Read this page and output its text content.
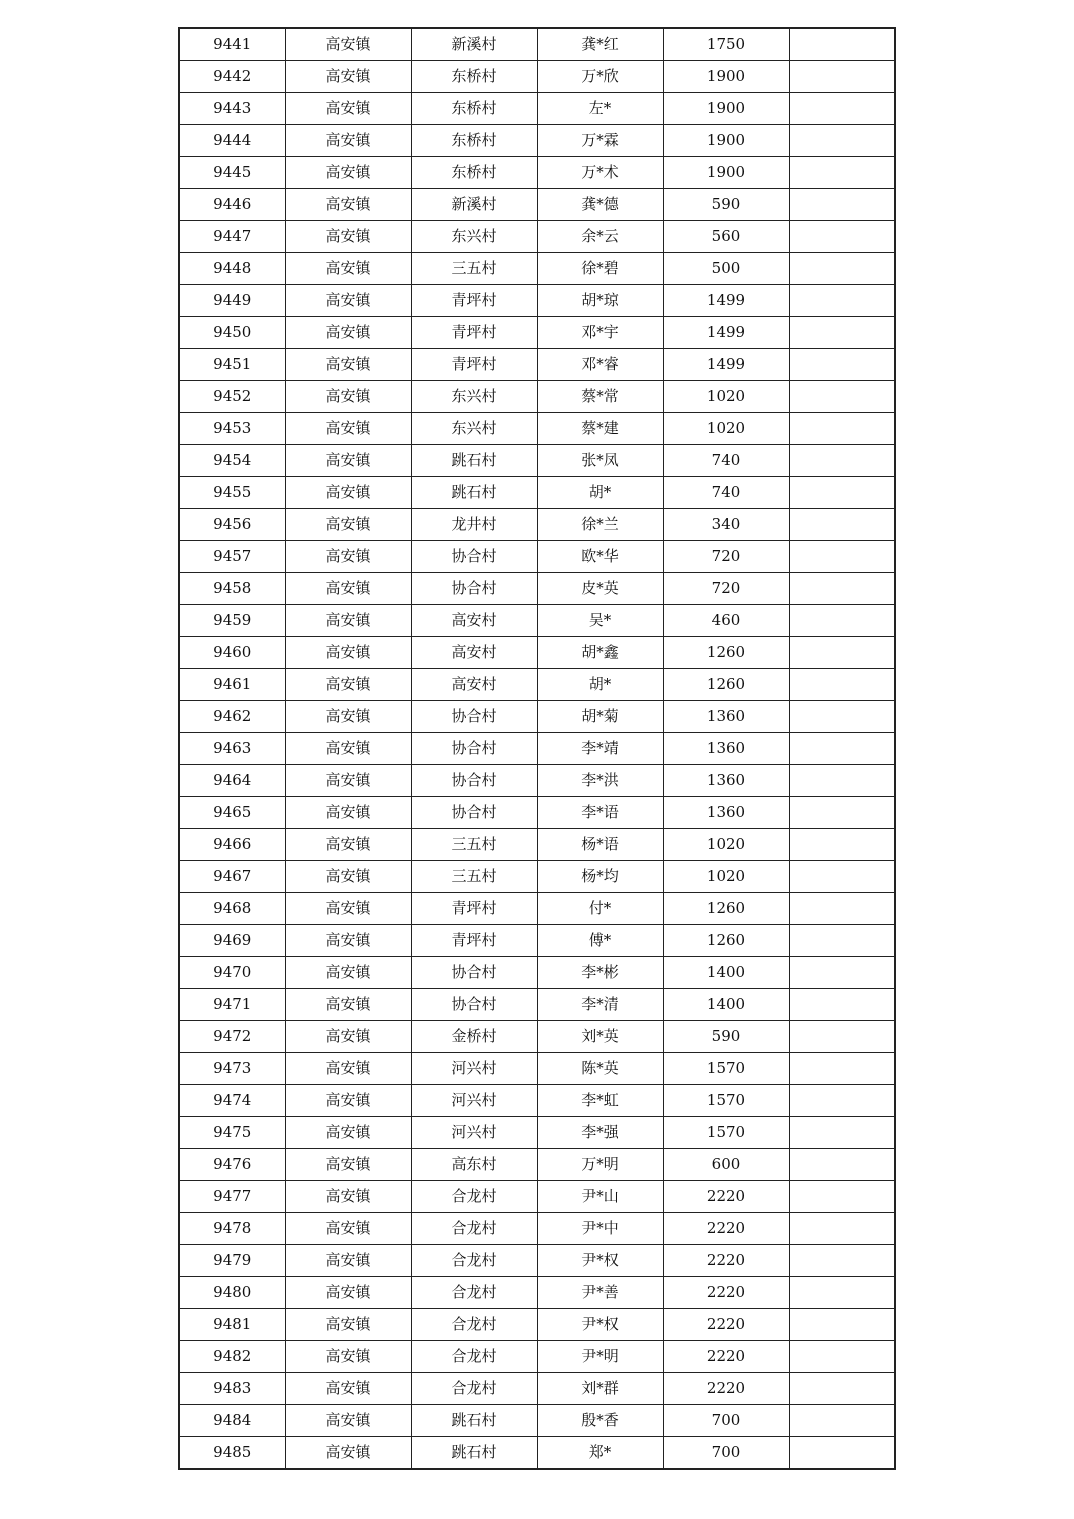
9441	高安镇	新溪村	龚*红	1750	
9442	高安镇	东桥村	万*欣	1900	
9443	高安镇	东桥村	左*	1900	
9444	高安镇	东桥村	万*霖	1900	
9445	高安镇	东桥村	万*术	1900	
9446	高安镇	新溪村	龚*德	590	
9447	高安镇	东兴村	余*云	560	
9448	高安镇	三五村	徐*碧	500	
9449	高安镇	青坪村	胡*琼	1499	
9450	高安镇	青坪村	邓*宇	1499	
9451	高安镇	青坪村	邓*睿	1499	
9452	高安镇	东兴村	蔡*常	1020	
9453	高安镇	东兴村	蔡*建	1020	
9454	高安镇	跳石村	张*凤	740	
9455	高安镇	跳石村	胡*	740	
9456	高安镇	龙井村	徐*兰	340	
9457	高安镇	协合村	欧*华	720	
9458	高安镇	协合村	皮*英	720	
9459	高安镇	高安村	吴*	460	
9460	高安镇	高安村	胡*鑫	1260	
9461	高安镇	高安村	胡*	1260	
9462	高安镇	协合村	胡*菊	1360	
9463	高安镇	协合村	李*靖	1360	
9464	高安镇	协合村	李*洪	1360	
9465	高安镇	协合村	李*语	1360	
9466	高安镇	三五村	杨*语	1020	
9467	高安镇	三五村	杨*均	1020	
9468	高安镇	青坪村	付*	1260	
9469	高安镇	青坪村	傅*	1260	
9470	高安镇	协合村	李*彬	1400	
9471	高安镇	协合村	李*清	1400	
9472	高安镇	金桥村	刘*英	590	
9473	高安镇	河兴村	陈*英	1570	
9474	高安镇	河兴村	李*虹	1570	
9475	高安镇	河兴村	李*强	1570	
9476	高安镇	高东村	万*明	600	
9477	高安镇	合龙村	尹*山	2220	
9478	高安镇	合龙村	尹*中	2220	
9479	高安镇	合龙村	尹*权	2220	
9480	高安镇	合龙村	尹*善	2220	
9481	高安镇	合龙村	尹*权	2220	
9482	高安镇	合龙村	尹*明	2220	
9483	高安镇	合龙村	刘*群	2220	
9484	高安镇	跳石村	殷*香	700	
9485	高安镇	跳石村	郑*	700	
